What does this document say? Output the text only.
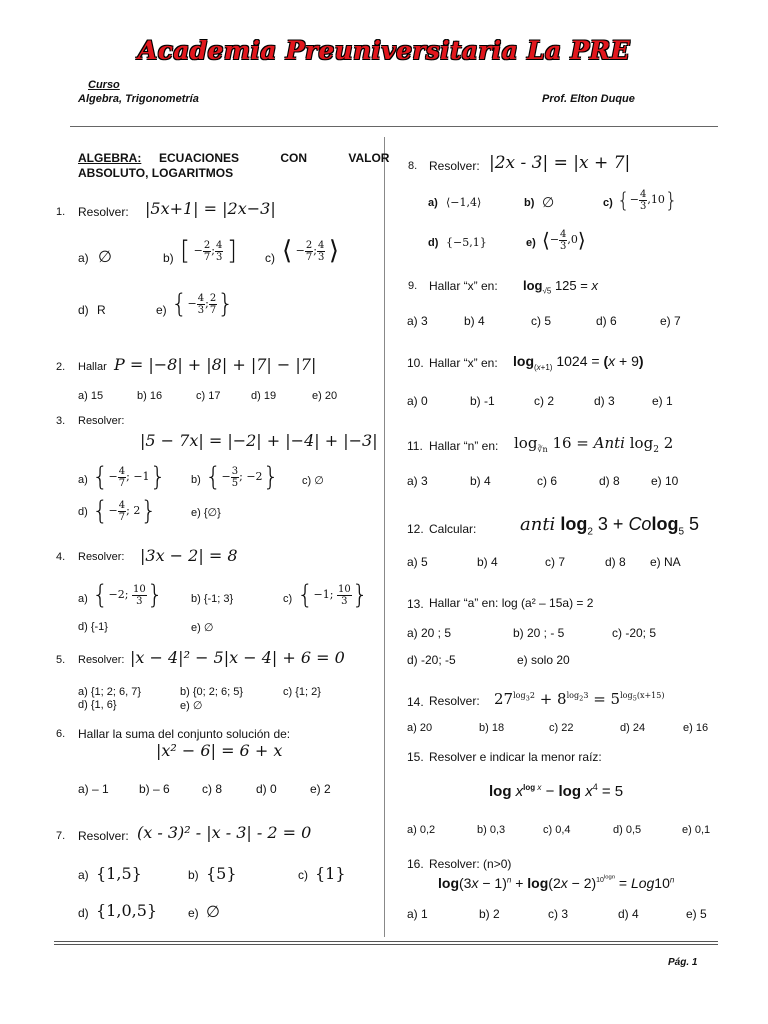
Academia Preuniversitaria La PRE
Curso
Algebra, Trigonometría	Prof. Elton Duque
ALGEBRA: ECUACIONES CON VALOR
ABSOLUTO, LOGARITMOS
1. Resolver: |5x+1| = |2x−3|
a) ∅	b) [ − $\frac{2}{7}$ ; $\frac{4}{3}$ ] c) ⟨ − $\frac{2}{7}$ ; $\frac{4}{3}$ ⟩
d) R	e) {− $\frac{4}{3}$ ; $\frac{2}{7}$ }
2. Hallar P = |−8| + |8| + |7| − |7|
a) 15	b) 16	c) 17	d) 19	e) 20
3. Resolver:
|5 − 7x| = |−2| + |−4| + |−3|
a) {− $\frac{4}{7}$ ; −1} b) {− $\frac{3}{5}$ ; −2} c) ∅
d) {− $\frac{4}{7}$ ; 2}	e) {∅}
4. Resolver: |3x − 2| = 8
a) {−2; $\frac{10}{3}$ }	b) {-1; 3}	c) {−1; $\frac{10}{3}$ }
d) {-1}	e) ∅
5. Resolver: |x − 4|² − 5|x − 4| + 6 = 0
a) {1; 2; 6, 7}	b) {0; 2; 6; 5}	c) {1; 2}
d) {1, 6}	e) ∅
6. Hallar la suma del conjunto solución de:
|x² − 6| = 6 + x
a) – 1	b) – 6	c) 8	d) 0	e) 2
7. Resolver: (x - 3)² - |x - 3| - 2 = 0
a) {1,5}	b) {5}	c) {1}
d) {1,0,5}	e) ∅
8. Resolver: |2x - 3| = |x + 7|
a) ⟨−1,4⟩	b) ∅	c) {− $\frac{4}{3} ,10$}
d) {−5,1}	e) ⟨− $\frac{4}{3}$ ,0⟩
9. Hallar “x” en: $\log_{√5} 125 = x$
a) 3	b) 4	c) 5	d) 6	e) 7
10. Hallar “x” en: $\log_{(x+1)} 1024 = (x + 9)$
a) 0	b) -1	c) 2	d) 3	e) 1
11. Hallar “n” en: $\log_{∛n} 16$ = Anti $\log_2 2$
a) 3	b) 4	c) 6	d) 8	e) 10
12. Calcular: anti $\log_2 3 + Colog_5$ 5
a) 5	b) 4	c) 7	d) 8 e) NA
13. Hallar “a” en: log (a² – 15a) = 2
a) 20 ; 5	b) 20 ; - 5	c) -20; 5
d) -20; -5	e) solo 20
14. Resolver: $27^{log_32} + 8^{log_23} = 5^{log_5(x+15)}$
a) 20	b) 18	c) 22	d) 24	e) 16
15. Resolver e indicar la menor raíz:
$\log x^{log x} - \log x^4 = 5$
a) 0,2	b) 0,3	c) 0,4	d) 0,5	e) 0,1
16. Resolver: (n>0)
$\log(3x - 1)^n + \log(2x - 2)^{10^{logn}} = Log10^n$
a) 1	b) 2	c) 3	d) 4	e) 5
Pág. 1
